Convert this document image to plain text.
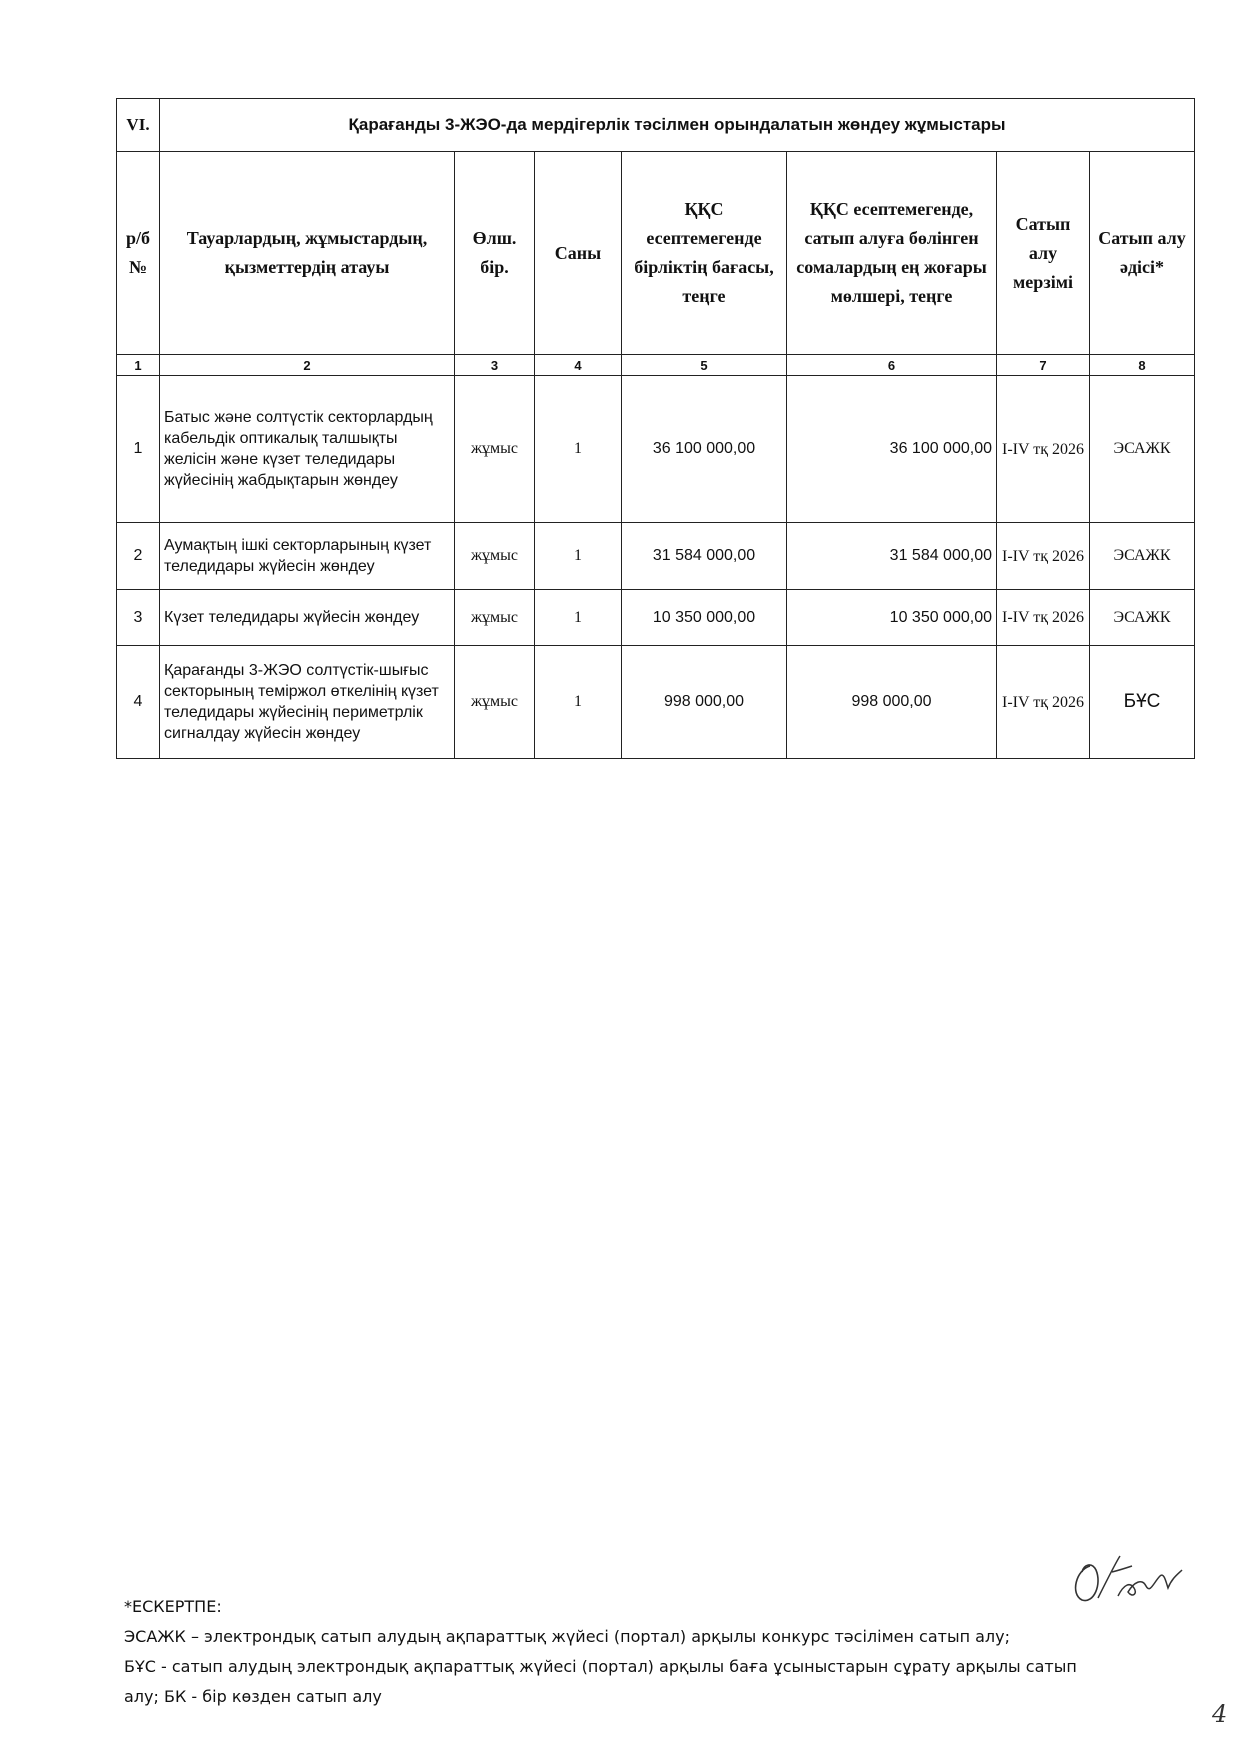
VI.	Қарағанды 3-ЖЭО-да мердігерлік тәсілмен орындалатын жөндеу жұмыстары						
р/б №	Тауарлардың, жұмыстардың, қызметтердің атауы	Өлш. бір.	Саны	ҚҚС есептемегенде бірліктің бағасы, теңге	ҚҚС есептемегенде, сатып алуға бөлінген сомалардың ең жоғары мөлшері, теңге	Сатып алу мерзімі	Сатып алу әдісі*
1	2	3	4	5	6	7	8
1	Батыс және солтүстік секторлардың кабельдік оптикалық талшықты желісін және күзет теледидары жүйесінің жабдықтарын жөндеу	жұмыс	1	36 100 000,00	36 100 000,00	I-IV тқ 2026	ЭСАЖК
2	Аумақтың ішкі секторларының күзет теледидары жүйесін жөндеу	жұмыс	1	31 584 000,00	31 584 000,00	I-IV тқ 2026	ЭСАЖК
3	Күзет теледидары жүйесін жөндеу	жұмыс	1	10 350 000,00	10 350 000,00	I-IV тқ 2026	ЭСАЖК
4	Қарағанды 3-ЖЭО солтүстік-шығыс секторының теміржол өткелінің күзет теледидары жүйесінің периметрлік сигналдау жүйесін жөндеу	жұмыс	1	998 000,00	998 000,00	I-IV тқ 2026	БҰС
*ЕСКЕРТПЕ:
ЭСАЖК – электрондық сатып алудың ақпараттық жүйесі (портал) арқылы конкурс тәсілімен сатып алу;
БҰС - сатып алудың электрондық ақпараттық жүйесі (портал) арқылы баға ұсыныстарын сұрату арқылы сатып
алу; БК - бір көзден сатып алу
4
